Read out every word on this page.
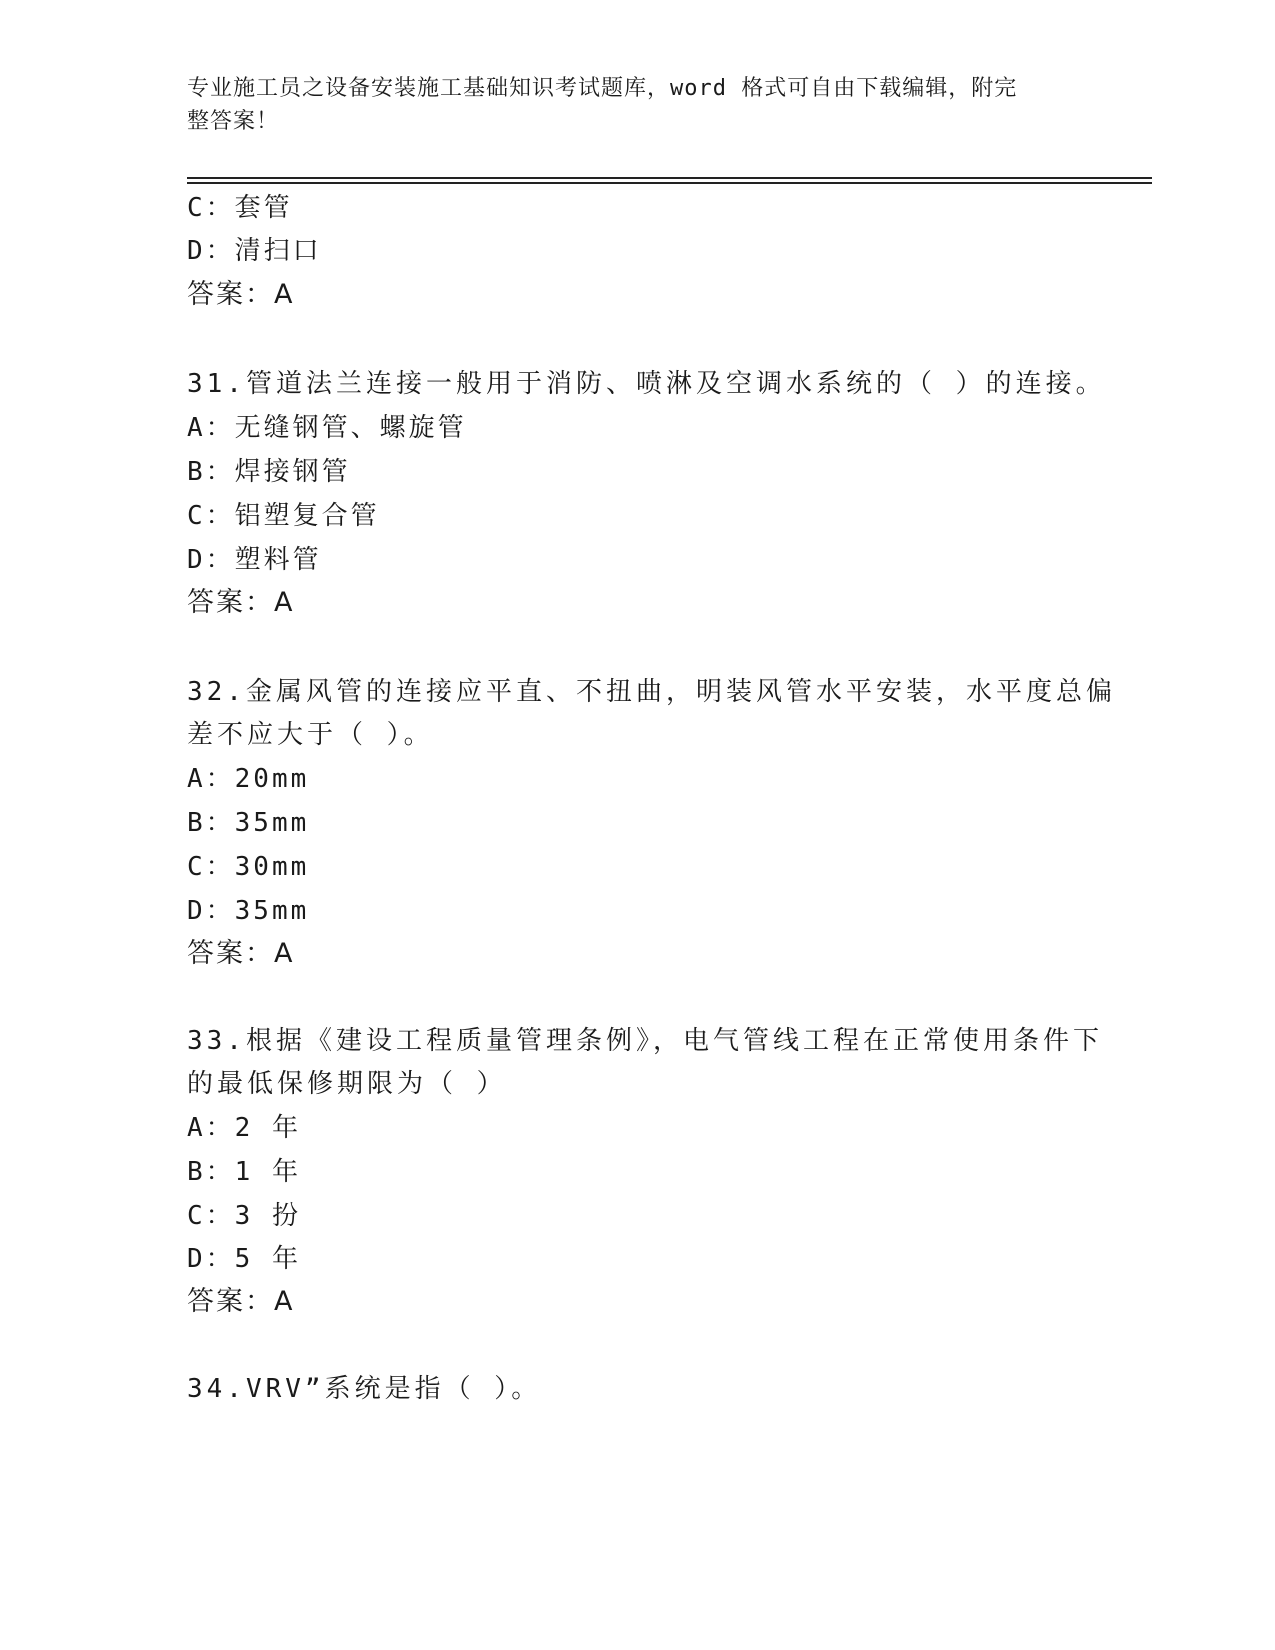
专业施工员之设备安装施工基础知识考试题库，word 格式可自由下载编辑，附完
整答案！
C：套管
D：清扫口
答案：A
31.管道法兰连接一般用于消防、喷淋及空调水系统的（ ）的连接。
A：无缝钢管、螺旋管
B：焊接钢管
C：铝塑复合管
D：塑料管
答案：A
32.金属风管的连接应平直、不扭曲，明装风管水平安装，水平度总偏
差不应大于（ ）。
A：20mm
B：35mm
C：30mm
D：35mm
答案：A
33.根据《建设工程质量管理条例》，电气管线工程在正常使用条件下
的最低保修期限为（ ）
A：2 年
B：1 年
C：3 扮
D：5 年
答案：A
34.VRV”系统是指（ ）。
